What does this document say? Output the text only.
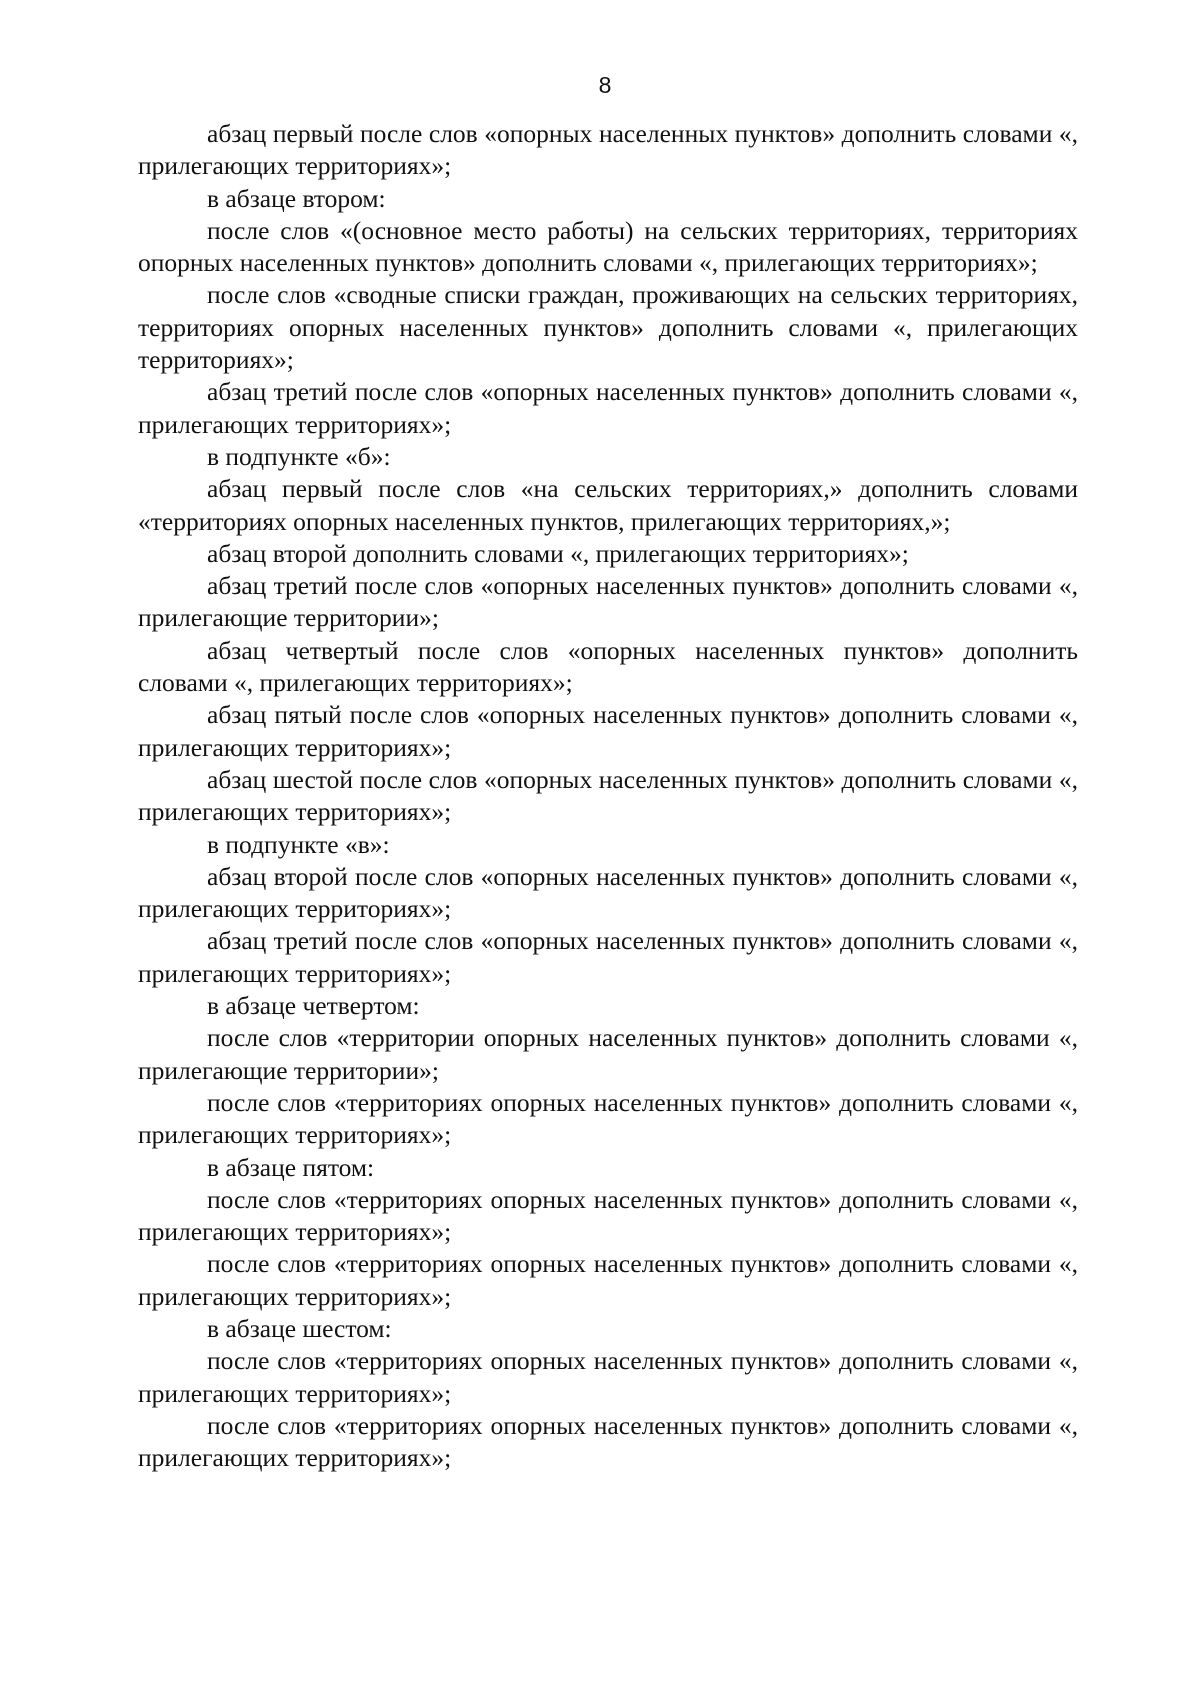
8

абзац первый после слов «опорных населенных пунктов» дополнить словами «, прилегающих территориях»;

в абзаце втором:

после слов «(основное место работы) на сельских территориях, территориях опорных населенных пунктов» дополнить словами «, прилегающих территориях»;

после слов «сводные списки граждан, проживающих на сельских территориях, территориях опорных населенных пунктов» дополнить словами «, прилегающих территориях»;

абзац третий после слов «опорных населенных пунктов» дополнить словами «, прилегающих территориях»;

в подпункте «б»:

абзац первый после слов «на сельских территориях,» дополнить словами «территориях опорных населенных пунктов, прилегающих территориях,»;

абзац второй дополнить словами «, прилегающих территориях»;

абзац третий после слов «опорных населенных пунктов» дополнить словами «, прилегающие территории»;

абзац четвертый после слов «опорных населенных пунктов» дополнить словами «, прилегающих территориях»;

абзац пятый после слов «опорных населенных пунктов» дополнить словами «, прилегающих территориях»;

абзац шестой после слов «опорных населенных пунктов» дополнить словами «, прилегающих территориях»;

в подпункте «в»:

абзац второй после слов «опорных населенных пунктов» дополнить словами «, прилегающих территориях»;

абзац третий после слов «опорных населенных пунктов» дополнить словами «, прилегающих территориях»;

в абзаце четвертом:

после слов «территории опорных населенных пунктов» дополнить словами «, прилегающие территории»;

после слов «территориях опорных населенных пунктов» дополнить словами «, прилегающих территориях»;

в абзаце пятом:

после слов «территориях опорных населенных пунктов» дополнить словами «, прилегающих территориях»;

после слов «территориях опорных населенных пунктов» дополнить словами «, прилегающих территориях»;

в абзаце шестом:

после слов «территориях опорных населенных пунктов» дополнить словами «, прилегающих территориях»;

после слов «территориях опорных населенных пунктов» дополнить словами «, прилегающих территориях»;
